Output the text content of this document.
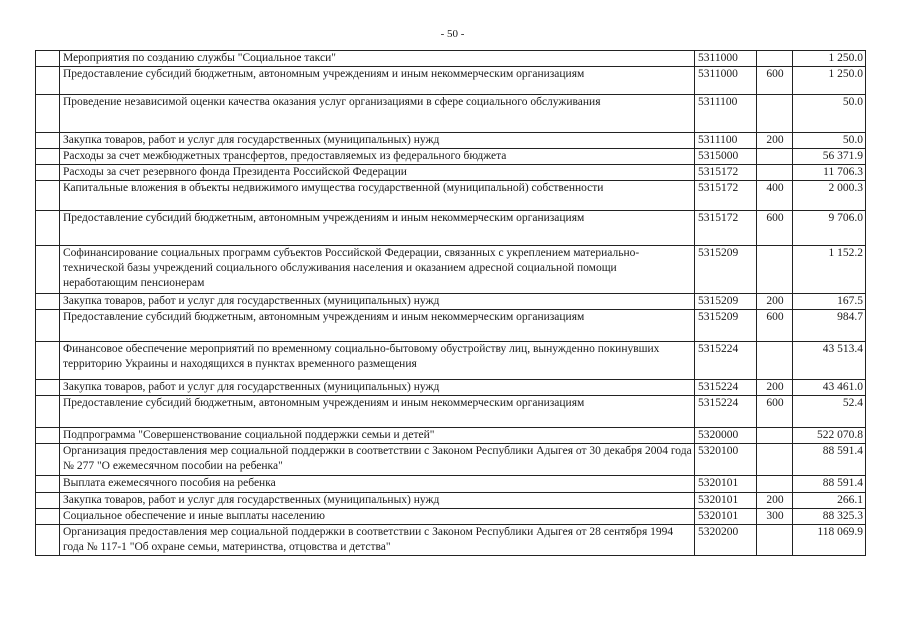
- 50 -
	Мероприятия по созданию службы "Социальное такси"	5311000		1 250.0
	Предоставление субсидий бюджетным, автономным учреждениям и иным некоммерческим организациям	5311000	600	1 250.0
	Проведение независимой оценки качества оказания услуг организациями в сфере социального обслуживания	5311100		50.0
	Закупка товаров, работ и услуг для государственных (муниципальных) нужд	5311100	200	50.0
	Расходы за счет межбюджетных трансфертов, предоставляемых из федерального бюджета	5315000		56 371.9
	Расходы за счет резервного фонда Президента Российской Федерации	5315172		11 706.3
	Капитальные вложения в объекты недвижимого имущества государственной (муниципальной) собственности	5315172	400	2 000.3
	Предоставление субсидий бюджетным, автономным учреждениям и иным некоммерческим организациям	5315172	600	9 706.0
	Софинансирование социальных программ субъектов Российской Федерации, связанных с укреплением материально-технической базы учреждений социального обслуживания населения и оказанием адресной социальной помощи неработающим пенсионерам	5315209		1 152.2
	Закупка товаров, работ и услуг для государственных (муниципальных) нужд	5315209	200	167.5
	Предоставление субсидий бюджетным, автономным учреждениям и иным некоммерческим организациям	5315209	600	984.7
	Финансовое обеспечение мероприятий по временному социально-бытовому обустройству лиц, вынужденно покинувших территорию Украины и находящихся в пунктах временного размещения	5315224		43 513.4
	Закупка товаров, работ и услуг для государственных (муниципальных) нужд	5315224	200	43 461.0
	Предоставление субсидий бюджетным, автономным учреждениям и иным некоммерческим организациям	5315224	600	52.4
	Подпрограмма "Совершенствование социальной поддержки семьи и детей"	5320000		522 070.8
	Организация предоставления мер социальной поддержки в соответствии с Законом Республики Адыгея от 30 декабря 2004 года № 277 "О ежемесячном пособии на ребенка"	5320100		88 591.4
	Выплата ежемесячного пособия на ребенка	5320101		88 591.4
	Закупка товаров, работ и услуг для государственных (муниципальных) нужд	5320101	200	266.1
	Социальное обеспечение и иные выплаты населению	5320101	300	88 325.3
	Организация предоставления мер социальной поддержки в соответствии с Законом Республики Адыгея от 28 сентября 1994 года № 117-1 "Об охране семьи, материнства, отцовства и детства"	5320200		118 069.9
